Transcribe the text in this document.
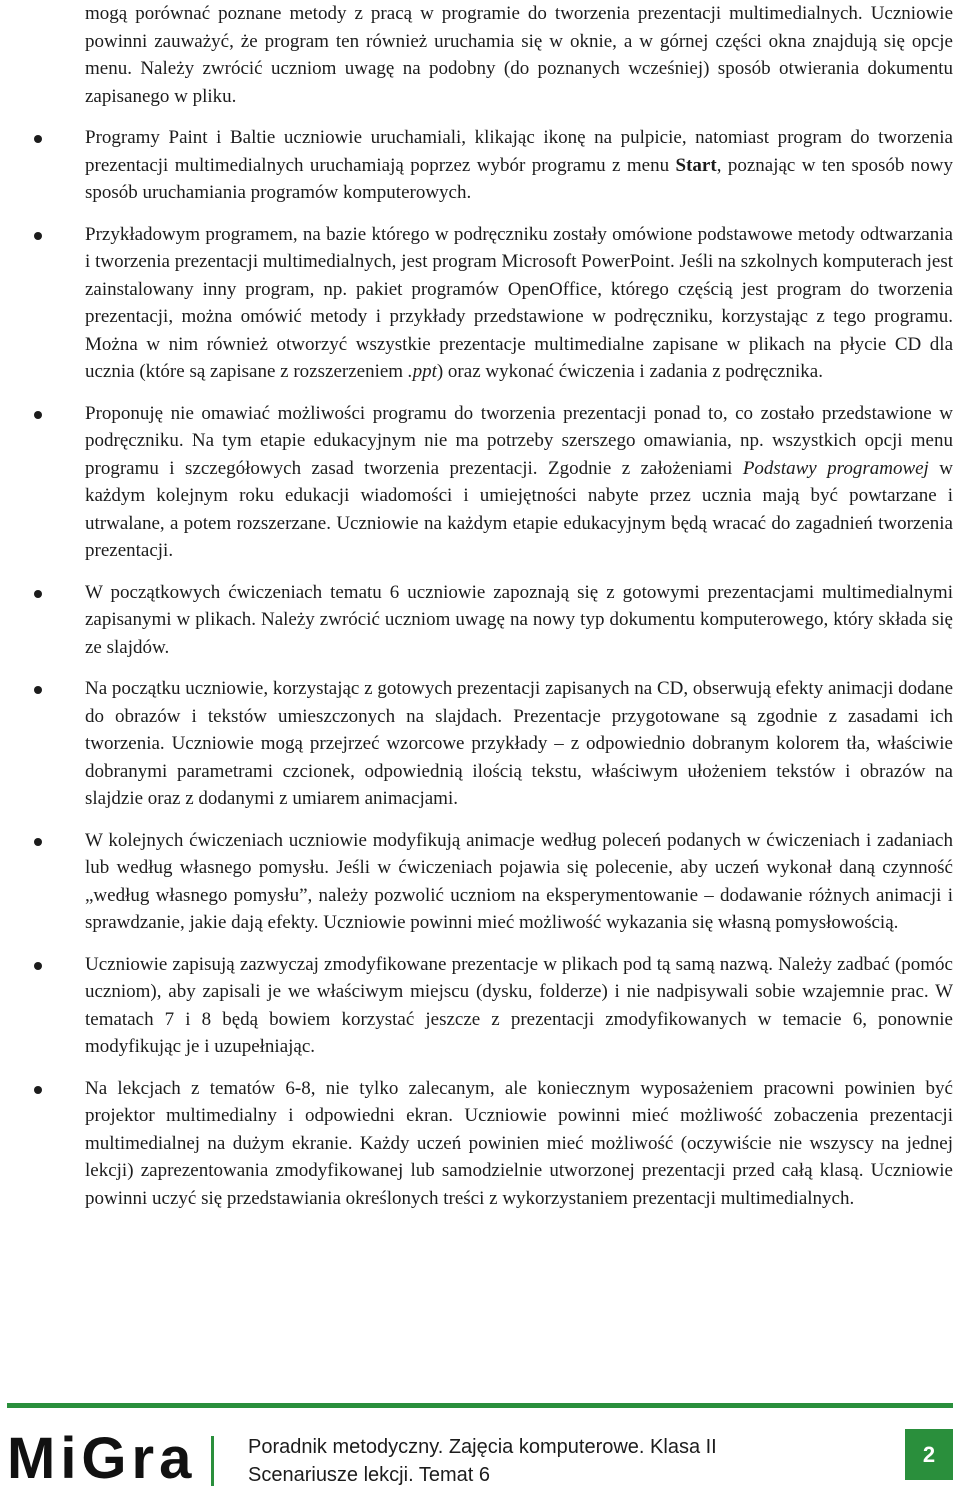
mogą porównać poznane metody z pracą w programie do tworzenia prezentacji multimedialnych. Uczniowie powinni zauważyć, że program ten również uruchamia się w oknie, a w górnej części okna znajdują się opcje menu. Należy zwrócić uczniom uwagę na podobny (do poznanych wcześniej) sposób otwierania dokumentu zapisanego w pliku.

Programy Paint i Baltie uczniowie uruchamiali, klikając ikonę na pulpicie, natomiast program do tworzenia prezentacji multimedialnych uruchamiają poprzez wybór programu z menu Start, poznając w ten sposób nowy sposób uruchamiania programów komputerowych.

Przykładowym programem, na bazie którego w podręczniku zostały omówione podstawowe metody odtwarzania i tworzenia prezentacji multimedialnych, jest program Microsoft PowerPoint. Jeśli na szkolnych komputerach jest zainstalowany inny program, np. pakiet programów OpenOffice, którego częścią jest program do tworzenia prezentacji, można omówić metody i przykłady przedstawione w podręczniku, korzystając z tego programu. Można w nim również otworzyć wszystkie prezentacje multimedialne zapisane w plikach na płycie CD dla ucznia (które są zapisane z rozszerzeniem .ppt) oraz wykonać ćwiczenia i zadania z podręcznika.

Proponuję nie omawiać możliwości programu do tworzenia prezentacji ponad to, co zostało przedstawione w podręczniku. Na tym etapie edukacyjnym nie ma potrzeby szerszego omawiania, np. wszystkich opcji menu programu i szczegółowych zasad tworzenia prezentacji. Zgodnie z założeniami Podstawy programowej w każdym kolejnym roku edukacji wiadomości i umiejętności nabyte przez ucznia mają być powtarzane i utrwalane, a potem rozszerzane. Uczniowie na każdym etapie edukacyjnym będą wracać do zagadnień tworzenia prezentacji.

W początkowych ćwiczeniach tematu 6 uczniowie zapoznają się z gotowymi prezentacjami multimedialnymi zapisanymi w plikach. Należy zwrócić uczniom uwagę na nowy typ dokumentu komputerowego, który składa się ze slajdów.

Na początku uczniowie, korzystając z gotowych prezentacji zapisanych na CD, obserwują efekty animacji dodane do obrazów i tekstów umieszczonych na slajdach. Prezentacje przygotowane są zgodnie z zasadami ich tworzenia. Uczniowie mogą przejrzeć wzorcowe przykłady – z odpowiednio dobranym kolorem tła, właściwie dobranymi parametrami czcionek, odpowiednią ilością tekstu, właściwym ułożeniem tekstów i obrazów na slajdzie oraz z dodanymi z umiarem animacjami.

W kolejnych ćwiczeniach uczniowie modyfikują animacje według poleceń podanych w ćwiczeniach i zadaniach lub według własnego pomysłu. Jeśli w ćwiczeniach pojawia się polecenie, aby uczeń wykonał daną czynność „według własnego pomysłu”, należy pozwolić uczniom na eksperymentowanie – dodawanie różnych animacji i sprawdzanie, jakie dają efekty. Uczniowie powinni mieć możliwość wykazania się własną pomysłowością.

Uczniowie zapisują zazwyczaj zmodyfikowane prezentacje w plikach pod tą samą nazwą. Należy zadbać (pomóc uczniom), aby zapisali je we właściwym miejscu (dysku, folderze) i nie nadpisywali sobie wzajemnie prac. W tematach 7 i 8 będą bowiem korzystać jeszcze z prezentacji zmodyfikowanych w temacie 6, ponownie modyfikując je i uzupełniając.

Na lekcjach z tematów 6-8, nie tylko zalecanym, ale koniecznym wyposażeniem pracowni powinien być projektor multimedialny i odpowiedni ekran. Uczniowie powinni mieć możliwość zobaczenia prezentacji multimedialnej na dużym ekranie. Każdy uczeń powinien mieć możliwość (oczywiście nie wszyscy na jednej lekcji) zaprezentowania zmodyfikowanej lub samodzielnie utworzonej prezentacji przed całą klasą. Uczniowie powinni uczyć się przedstawiania określonych treści z wykorzystaniem prezentacji multimedialnych.

MiGra	Poradnik metodyczny. Zajęcia komputerowe. Klasa II
Scenariusze lekcji. Temat 6
2
